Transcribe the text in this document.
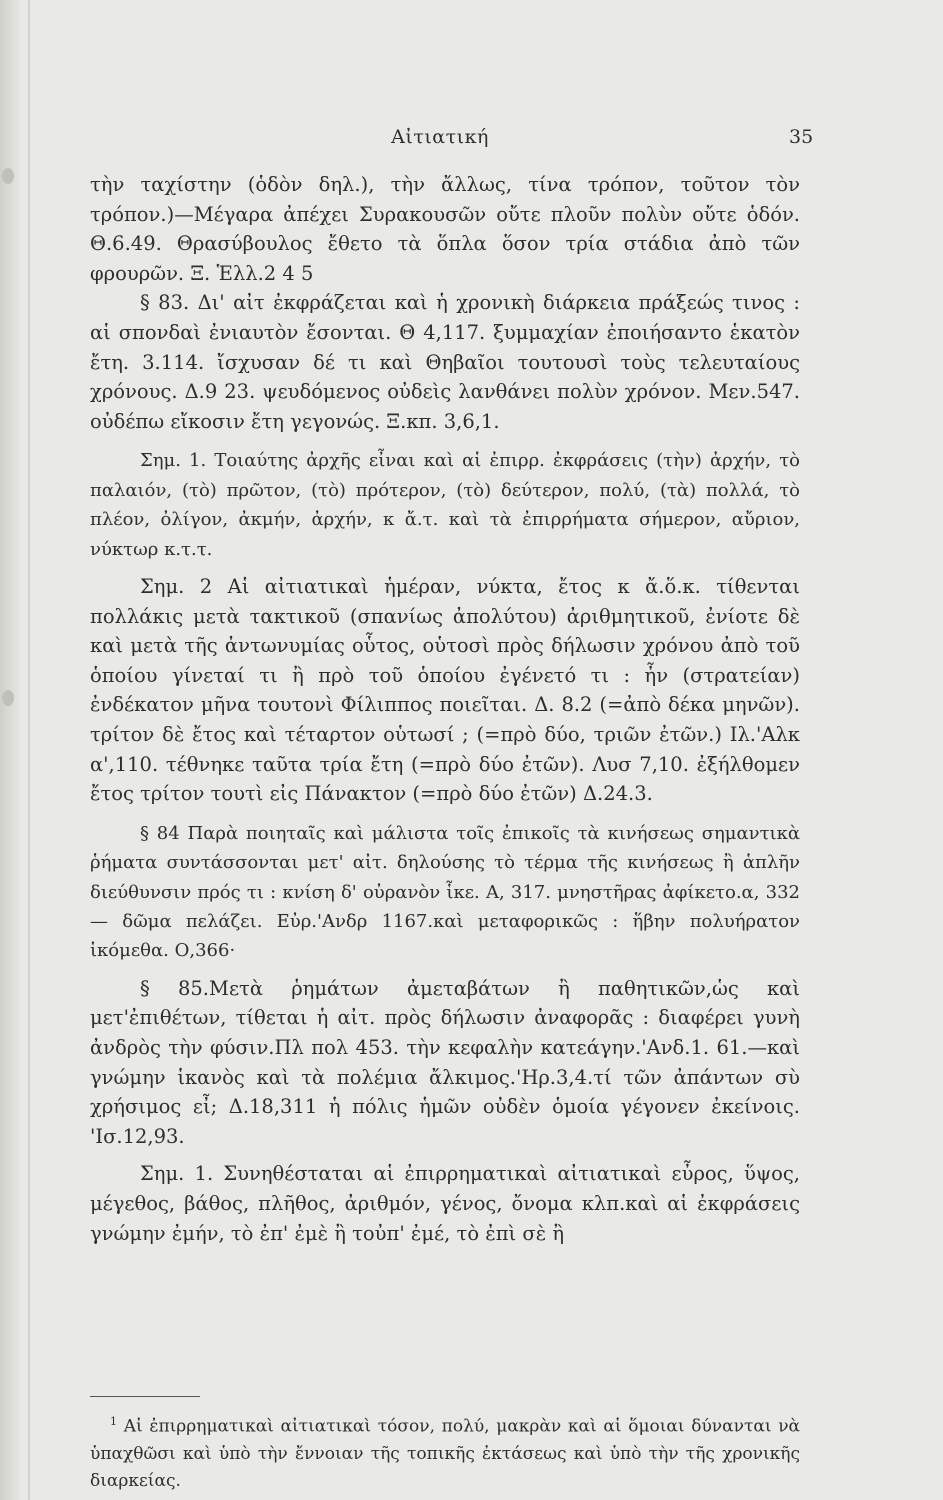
Αἰτιατική	35

τὴν ταχίστην (ὁδὸν δηλ.), τὴν ἄλλως, τίνα τρόπον, τοῦτον τὸν τρόπον.)—Μέγαρα ἀπέχει Συρακουσῶν οὔτε πλοῦν πολὺν οὔτε ὁδόν. Θ.6.49. Θρασύβουλος ἔθετο τὰ ὅπλα ὅσον τρία στάδια ἀπὸ τῶν φρουρῶν. Ξ. Ἑλλ.2 4 5

§ 83. Δι' αἰτ ἐκφράζεται καὶ ἡ χρονικὴ διάρκεια πράξεώς τινος : αἱ σπονδαὶ ἐνιαυτὸν ἔσονται. Θ 4,117. ξυμμαχίαν ἐποιήσαντο ἑκατὸν ἔτη. 3.114. ἴσχυσαν δέ τι καὶ Θηβαῖοι τουτουσὶ τοὺς τελευταίους χρόνους. Δ.9 23. ψευδόμενος οὐδεὶς λανθάνει πολὺν χρόνον. Μεν.547. οὐδέπω εἴκοσιν ἔτη γεγονώς. Ξ.κπ. 3,6,1.

Σημ. 1. Τοιαύτης ἀρχῆς εἶναι καὶ αἱ ἐπιρρ. ἐκφράσεις (τὴν) ἀρχήν, τὸ παλαιόν, (τὸ) πρῶτον, (τὸ) πρότερον, (τὸ) δεύτερον, πολύ, (τὰ) πολλά, τὸ πλέον, ὀλίγον, ἀκμήν, ἀρχήν, κ ἄ.τ. καὶ τὰ ἐπιρρήματα σήμερον, αὔριον, νύκτωρ κ.τ.τ.

Σημ. 2 Αἱ αἰτιατικαὶ ἡμέραν, νύκτα, ἔτος κ ἄ.ὅ.κ. τίθενται πολλάκις μετὰ τακτικοῦ (σπανίως ἀπολύτου) ἀριθμητικοῦ, ἐνίοτε δὲ καὶ μετὰ τῆς ἀντωνυμίας οὗτος, οὑτοσὶ πρὸς δήλωσιν χρόνου ἀπὸ τοῦ ὁποίου γίνεταί τι ἢ πρὸ τοῦ ὁποίου ἐγένετό τι : ἦν (στρατείαν) ἐνδέκατον μῆνα τουτονὶ Φίλιππος ποιεῖται. Δ. 8.2 (=ἀπὸ δέκα μηνῶν). τρίτον δὲ ἔτος καὶ τέταρτον οὑτωσί ; (=πρὸ δύο, τριῶν ἐτῶν.) Ιλ.'Αλκ α',110. τέθνηκε ταῦτα τρία ἔτη (=πρὸ δύο ἐτῶν). Λυσ 7,10. ἐξήλθομεν ἔτος τρίτον τουτὶ εἰς Πάνακτον (=πρὸ δύο ἐτῶν) Δ.24.3.

§ 84 Παρὰ ποιηταῖς καὶ μάλιστα τοῖς ἐπικοῖς τὰ κινήσεως σημαντικὰ ῥήματα συντάσσονται μετ' αἰτ. δηλούσης τὸ τέρμα τῆς κινήσεως ἢ ἁπλῆν διεύθυνσιν πρός τι : κνίση δ' οὐρανὸν ἷκε. Α, 317. μνηστῆρας ἀφίκετο.α, 332 — δῶμα πελάζει. Εὐρ.'Ανδρ 1167.καὶ μεταφορικῶς : ἥβην πολυήρατον ἱκόμεθα. Ο,366·

§ 85.Μετὰ ῥημάτων ἀμεταβάτων ἢ παθητικῶν,ὡς καὶ μετ'ἐπιθέτων, τίθεται ἡ αἰτ. πρὸς δήλωσιν ἀναφορᾶς : διαφέρει γυνὴ ἀνδρὸς τὴν φύσιν.Πλ πολ 453. τὴν κεφαλὴν κατεάγην.'Ανδ.1. 61.—καὶ γνώμην ἱκανὸς καὶ τὰ πολέμια ἄλκιμος.'Ηρ.3,4.τί τῶν ἀπάντων σὺ χρήσιμος εἶ; Δ.18,311 ἡ πόλις ἡμῶν οὐδὲν ὁμοία γέγονεν ἐκείνοις. 'Ισ.12,93.

Σημ. 1. Συνηθέσταται αἱ ἐπιρρηματικαὶ αἰτιατικαὶ εὖρος, ὕψος, μέγεθος, βάθος, πλῆθος, ἀριθμόν, γένος, ὄνομα κλπ.καὶ αἱ ἐκφράσεις γνώμην ἐμήν, τὸ ἐπ' ἐμὲ ἢ τοὐπ' ἐμέ, τὸ ἐπὶ σὲ ἢ

$^1$ Αἱ ἐπιρρηματικαὶ αἰτιατικαὶ τόσον, πολύ, μακρὰν καὶ αἱ ὅμοιαι δύνανται νὰ ὑπαχθῶσι καὶ ὑπὸ τὴν ἔννοιαν τῆς τοπικῆς ἐκτάσεως καὶ ὑπὸ τὴν τῆς χρονικῆς διαρκείας.
